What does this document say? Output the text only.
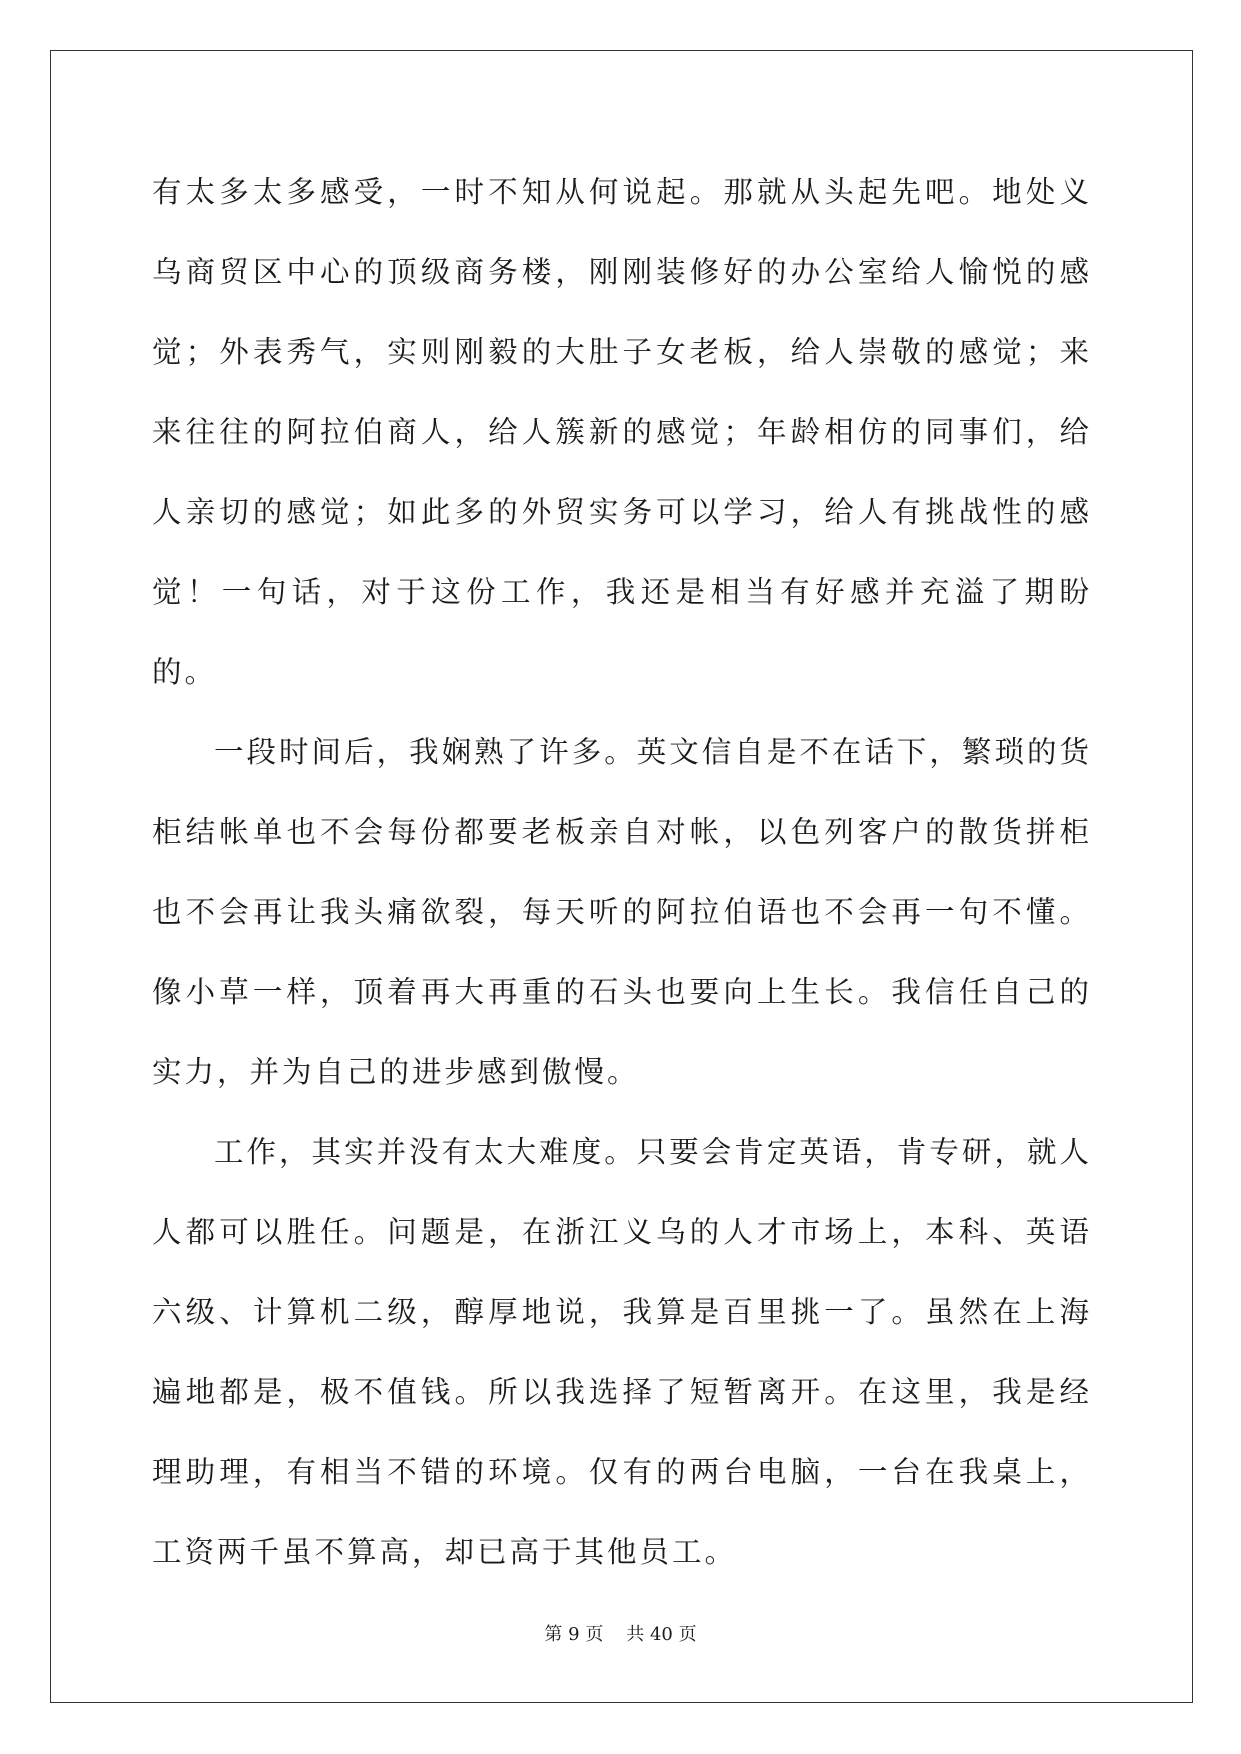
有太多太多感受，一时不知从何说起。那就从头起先吧。地处义乌商贸区中心的顶级商务楼，刚刚装修好的办公室给人愉悦的感觉；外表秀气，实则刚毅的大肚子女老板，给人崇敬的感觉；来来往往的阿拉伯商人，给人簇新的感觉；年龄相仿的同事们，给人亲切的感觉；如此多的外贸实务可以学习，给人有挑战性的感觉！一句话，对于这份工作，我还是相当有好感并充溢了期盼的。

一段时间后，我娴熟了许多。英文信自是不在话下，繁琐的货柜结帐单也不会每份都要老板亲自对帐，以色列客户的散货拼柜也不会再让我头痛欲裂，每天听的阿拉伯语也不会再一句不懂。像小草一样，顶着再大再重的石头也要向上生长。我信任自己的实力，并为自己的进步感到傲慢。

工作，其实并没有太大难度。只要会肯定英语，肯专研，就人人都可以胜任。问题是，在浙江义乌的人才市场上，本科、英语六级、计算机二级，醇厚地说，我算是百里挑一了。虽然在上海遍地都是，极不值钱。所以我选择了短暂离开。在这里，我是经理助理，有相当不错的环境。仅有的两台电脑，一台在我桌上，工资两千虽不算高，却已高于其他员工。

第 9 页 共 40 页
